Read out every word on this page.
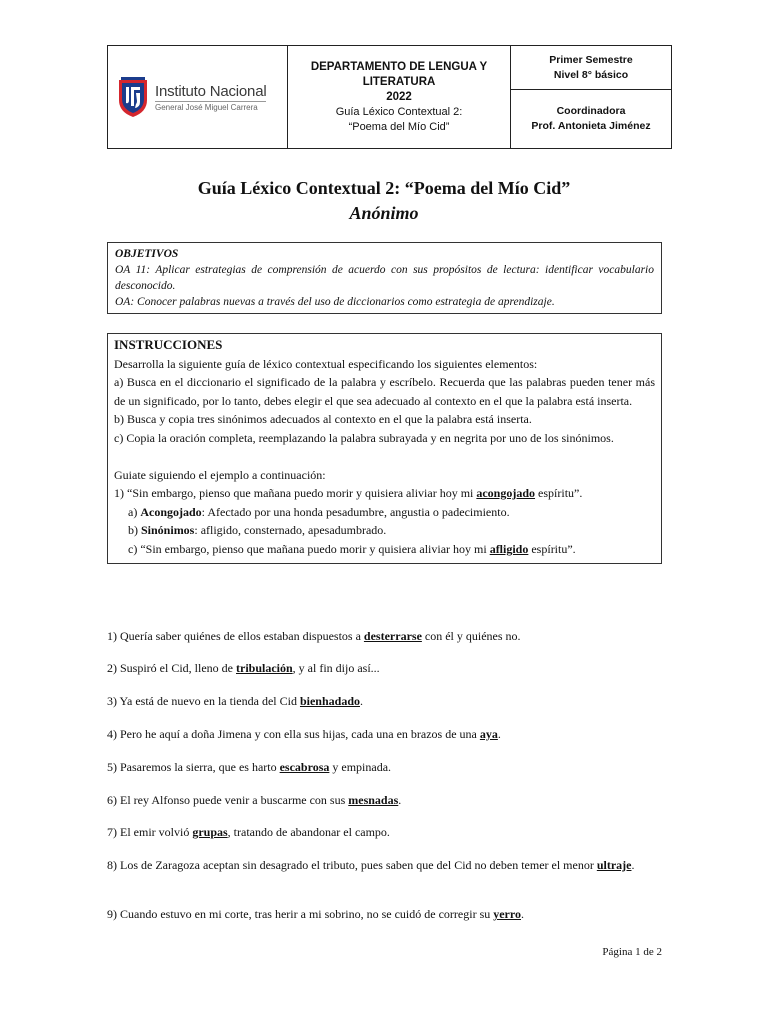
Instituto Nacional
General José Miguel Carrera
DEPARTAMENTO DE LENGUA Y
LITERATURA
2022
Guía Léxico Contextual 2:
“Poema del Mío Cid”
Primer Semestre
Nivel 8° básico
Coordinadora
Prof. Antonieta Jiménez
Guía Léxico Contextual 2: “Poema del Mío Cid”
Anónimo
OBJETIVOS
OA 11: Aplicar estrategias de comprensión de acuerdo con sus propósitos de lectura: identificar vocabulario desconocido.
OA: Conocer palabras nuevas a través del uso de diccionarios como estrategia de aprendizaje.
INSTRUCCIONES

Desarrolla la siguiente guía de léxico contextual especificando los siguientes elementos:

a) Busca en el diccionario el significado de la palabra y escríbelo. Recuerda que las palabras pueden tener más de un significado, por lo tanto, debes elegir el que sea adecuado al contexto en el que la palabra está inserta.

b) Busca y copia tres sinónimos adecuados al contexto en el que la palabra está inserta.

c) Copia la oración completa, reemplazando la palabra subrayada y en negrita por uno de los sinónimos.

Guiate siguiendo el ejemplo a continuación:

1) “Sin embargo, pienso que mañana puedo morir y quisiera aliviar hoy mi acongojado espíritu”.

a) Acongojado: Afectado por una honda pesadumbre, angustia o padecimiento.

b) Sinónimos: afligido, consternado, apesadumbrado.

c) “Sin embargo, pienso que mañana puedo morir y quisiera aliviar hoy mi afligido espíritu”.

1) Quería saber quiénes de ellos estaban dispuestos a desterrarse con él y quiénes no.

2) Suspiró el Cid, lleno de tribulación, y al fin dijo así...

3) Ya está de nuevo en la tienda del Cid bienhadado.

4) Pero he aquí a doña Jimena y con ella sus hijas, cada una en brazos de una aya.

5) Pasaremos la sierra, que es harto escabrosa y empinada.

6) El rey Alfonso puede venir a buscarme con sus mesnadas.

7) El emir volvió grupas, tratando de abandonar el campo.

8) Los de Zaragoza aceptan sin desagrado el tributo, pues saben que del Cid no deben temer el menor ultraje.

9) Cuando estuvo en mi corte, tras herir a mi sobrino, no se cuidó de corregir su yerro.

Página 1 de 2
